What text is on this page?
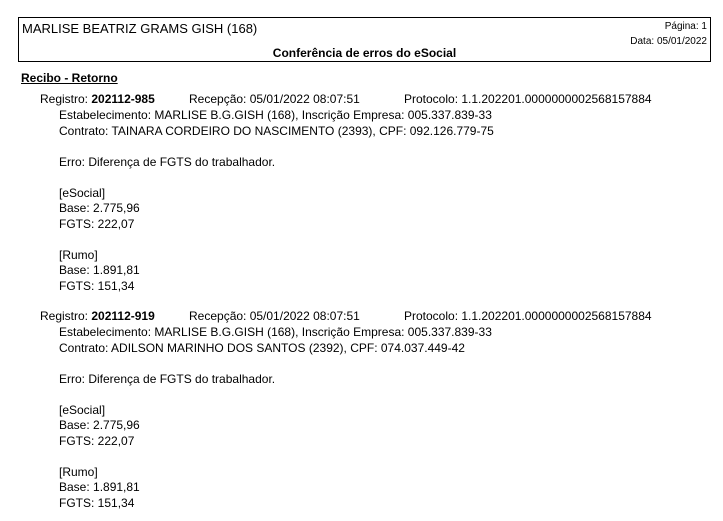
MARLISE BEATRIZ GRAMS GISH (168)	Página: 1
Data: 05/01/2022
Conferência de erros do eSocial
Recibo - Retorno
Registro: 202112-985	Recepção: 05/01/2022 08:07:51	Protocolo: 1.1.202201.0000000002568157884
Estabelecimento: MARLISE B.G.GISH (168), Inscrição Empresa: 005.337.839-33
Contrato: TAINARA CORDEIRO DO NASCIMENTO (2393), CPF: 092.126.779-75
Erro: Diferença de FGTS do trabalhador.
[eSocial]
Base: 2.775,96
FGTS: 222,07
[Rumo]
Base: 1.891,81
FGTS: 151,34
Registro: 202112-919	Recepção: 05/01/2022 08:07:51	Protocolo: 1.1.202201.0000000002568157884
Estabelecimento: MARLISE B.G.GISH (168), Inscrição Empresa: 005.337.839-33
Contrato: ADILSON MARINHO DOS SANTOS (2392), CPF: 074.037.449-42
Erro: Diferença de FGTS do trabalhador.
[eSocial]
Base: 2.775,96
FGTS: 222,07
[Rumo]
Base: 1.891,81
FGTS: 151,34
